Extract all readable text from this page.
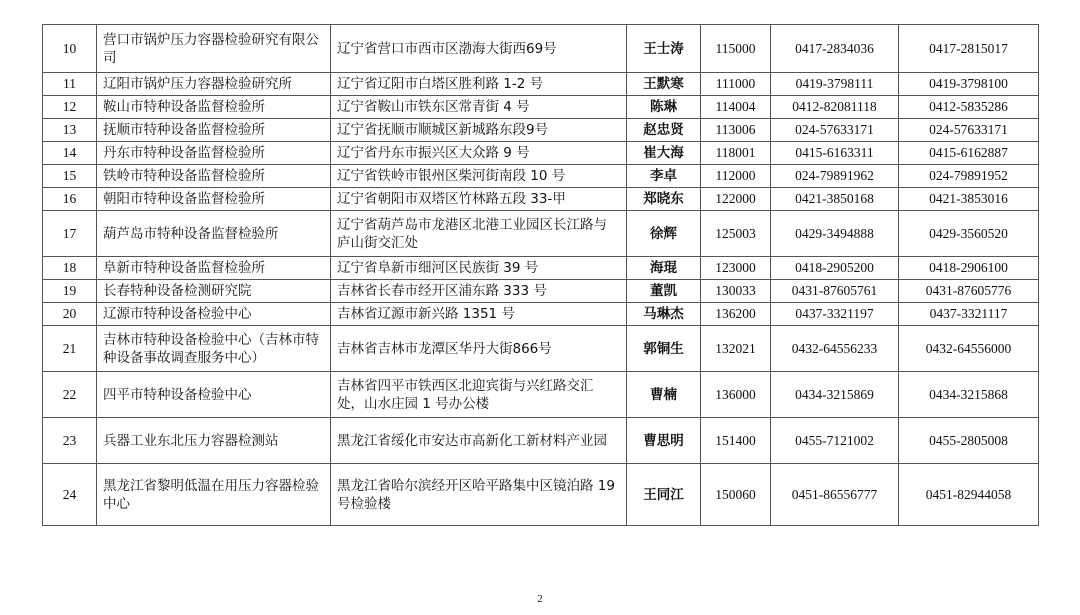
10	营口市锅炉压力容器检验研究有限公司	辽宁省营口市西市区渤海大街西69号	王士涛	115000	0417-2834036	0417-2815017
11	辽阳市锅炉压力容器检验研究所	辽宁省辽阳市白塔区胜利路 1-2 号	王默寒	111000	0419-3798111	0419-3798100
12	鞍山市特种设备监督检验所	辽宁省鞍山市铁东区常青街 4 号	陈琳	114004	0412-82081118	0412-5835286
13	抚顺市特种设备监督检验所	辽宁省抚顺市顺城区新城路东段9号	赵忠贤	113006	024-57633171	024-57633171
14	丹东市特种设备监督检验所	辽宁省丹东市振兴区大众路 9 号	崔大海	118001	0415-6163311	0415-6162887
15	铁岭市特种设备监督检验所	辽宁省铁岭市银州区柴河街南段 10 号	李卓	112000	024-79891962	024-79891952
16	朝阳市特种设备监督检验所	辽宁省朝阳市双塔区竹林路五段 33-甲	郑晓东	122000	0421-3850168	0421-3853016
17	葫芦岛市特种设备监督检验所	辽宁省葫芦岛市龙港区北港工业园区长江路与庐山街交汇处	徐辉	125003	0429-3494888	0429-3560520
18	阜新市特种设备监督检验所	辽宁省阜新市细河区民族街 39 号	海琨	123000	0418-2905200	0418-2906100
19	长春特种设备检测研究院	吉林省长春市经开区浦东路 333 号	董凯	130033	0431-87605761	0431-87605776
20	辽源市特种设备检验中心	吉林省辽源市新兴路 1351 号	马琳杰	136200	0437-3321197	0437-3321117
21	吉林市特种设备检验中心（吉林市特种设备事故调查服务中心）	吉林省吉林市龙潭区华丹大街866号	郭铜生	132021	0432-64556233	0432-64556000
22	四平市特种设备检验中心	吉林省四平市铁西区北迎宾街与兴红路交汇处，山水庄园 1 号办公楼	曹楠	136000	0434-3215869	0434-3215868
23	兵器工业东北压力容器检测站	黑龙江省绥化市安达市高新化工新材料产业园	曹思明	151400	0455-7121002	0455-2805008
24	黑龙江省黎明低温在用压力容器检验中心	黑龙江省哈尔滨经开区哈平路集中区镜泊路 19 号检验楼	王同江	150060	0451-86556777	0451-82944058
2
